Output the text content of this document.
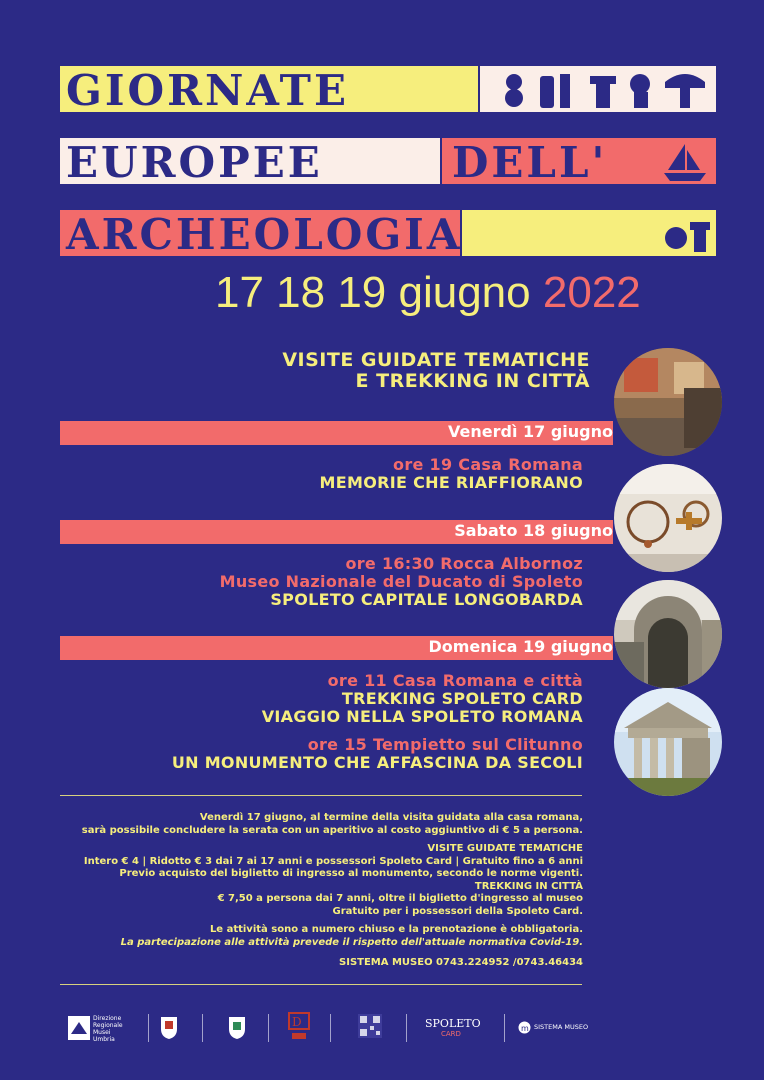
GIORNATE
EUROPEE	DELL'
ARCHEOLOGIA
17 18 19 giugno 2022
VISITE GUIDATE TEMATICHE
E TREKKING IN CITTÀ
Venerdì 17 giugno
ore 19 Casa Romana
MEMORIE CHE RIAFFIORANO
Sabato 18 giugno
ore 16:30 Rocca Albornoz
Museo Nazionale del Ducato di Spoleto
SPOLETO CAPITALE LONGOBARDA
Domenica 19 giugno
ore 11 Casa Romana e città
TREKKING SPOLETO CARD
VIAGGIO NELLA SPOLETO ROMANA
ore 15 Tempietto sul Clitunno
UN MONUMENTO CHE AFFASCINA DA SECOLI
Venerdì 17 giugno, al termine della visita guidata alla casa romana,
sarà possibile concludere la serata con un aperitivo al costo aggiuntivo di € 5 a persona.
VISITE GUIDATE TEMATICHE
Intero € 4 | Ridotto € 3 dai 7 ai 17 anni e possessori Spoleto Card | Gratuito fino a 6 anni
Previo acquisto del biglietto di ingresso al monumento, secondo le norme vigenti.
TREKKING IN CITTÀ
€ 7,50 a persona dai 7 anni, oltre il biglietto d'ingresso al museo
Gratuito per i possessori della Spoleto Card.
Le attività sono a numero chiuso e la prenotazione è obbligatoria.
La partecipazione alle attività prevede il rispetto dell'attuale normativa Covid-19.
SISTEMA MUSEO 0743.224952 /0743.46434
Direzione
Regionale
Musei
Umbria
D	SPOLETO
CARD
m SISTEMA MUSEO
